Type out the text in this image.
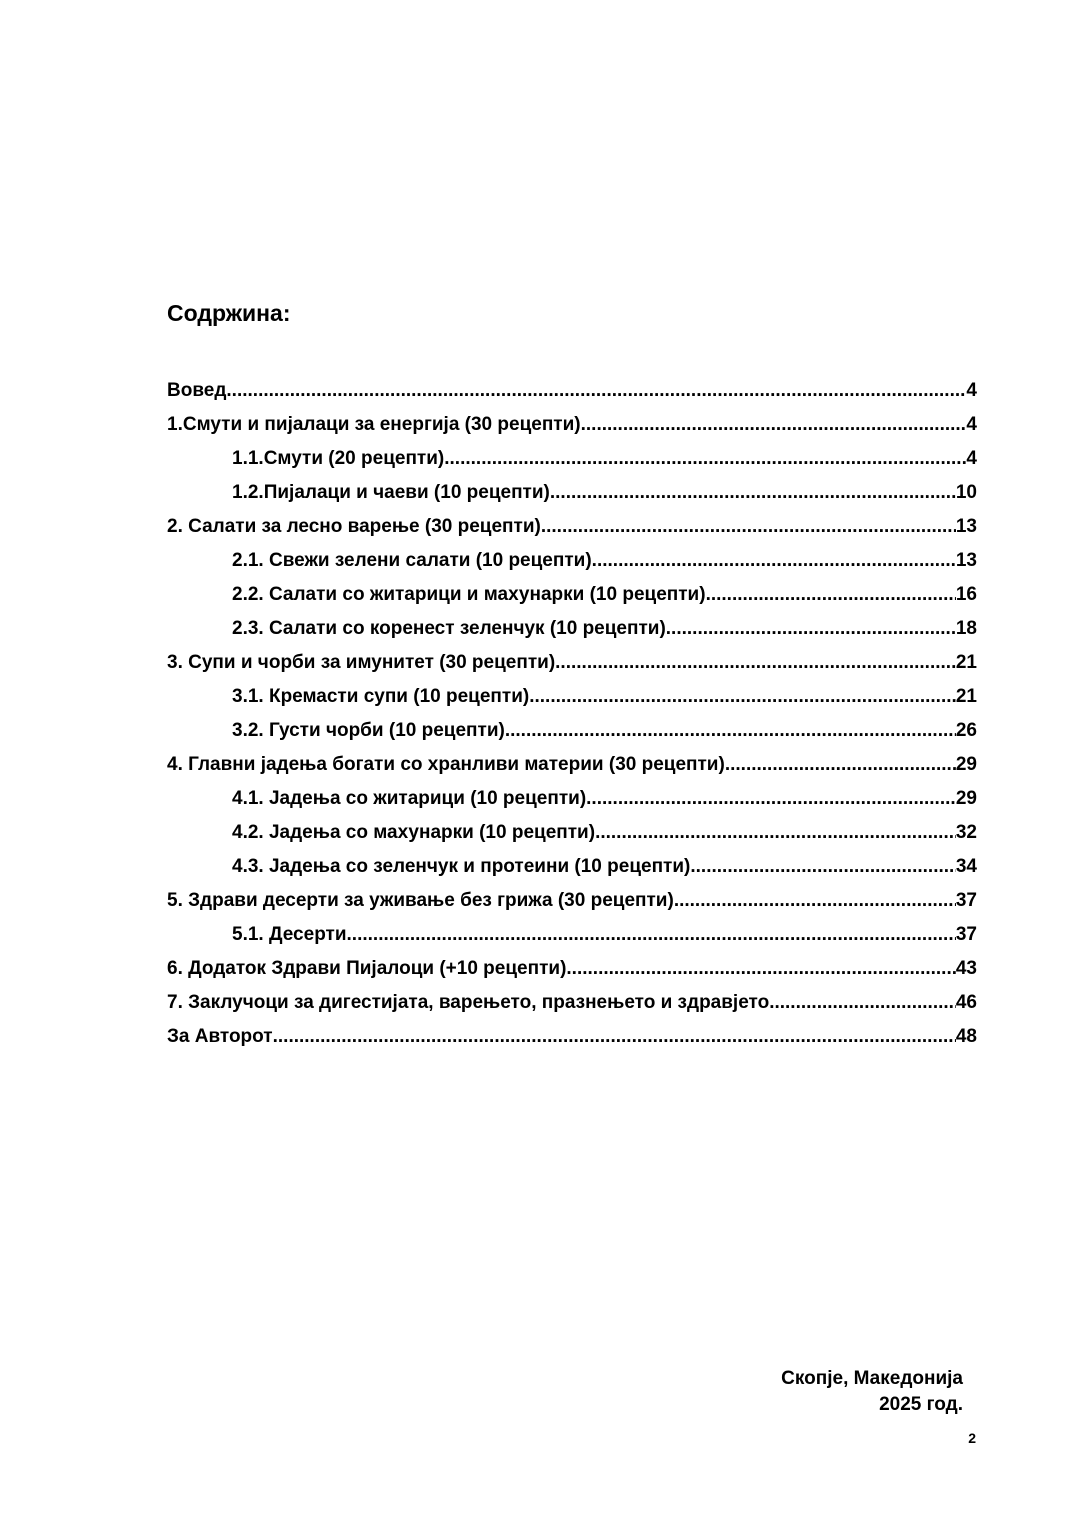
Содржина:
Вовед .....	4
1. Смути и пијалаци за енергија (30 рецепти) .....	4
1.1. Смути (20 рецепти) .....	4
1.2. Пијалаци и чаеви (10 рецепти) .....	10
2. Салати за лесно варење (30 рецепти) .....	13
2.1. Свежи зелени салати (10 рецепти) .....	13
2.2. Салати со житарици и махунарки (10 рецепти) .....	16
2.3. Салати со коренест зеленчук (10 рецепти) .....	18
3. Супи и чорби за имунитет (30 рецепти) .....	21
3.1. Кремасти супи (10 рецепти) .....	21
3.2. Густи чорби (10 рецепти) .....	26
4. Главни јадења богати со хранливи материи (30 рецепти) .....	29
4.1. Јадења со житарици (10 рецепти) .....	29
4.2. Јадења со махунарки (10 рецепти) .....	32
4.3. Јадења со зеленчук и протеини (10 рецепти) .....	34
5. Здрави десерти за уживање без грижа (30 рецепти) .....	37
5.1. Десерти .....	37
6. Додаток Здрави Пијалоци (+10 рецепти) .....	43
7. Заклучоци за дигестијата, варењето, празнењето и здравјето .....	46
За Авторот .....	48
Скопје, Македонија
2025 год.
2
